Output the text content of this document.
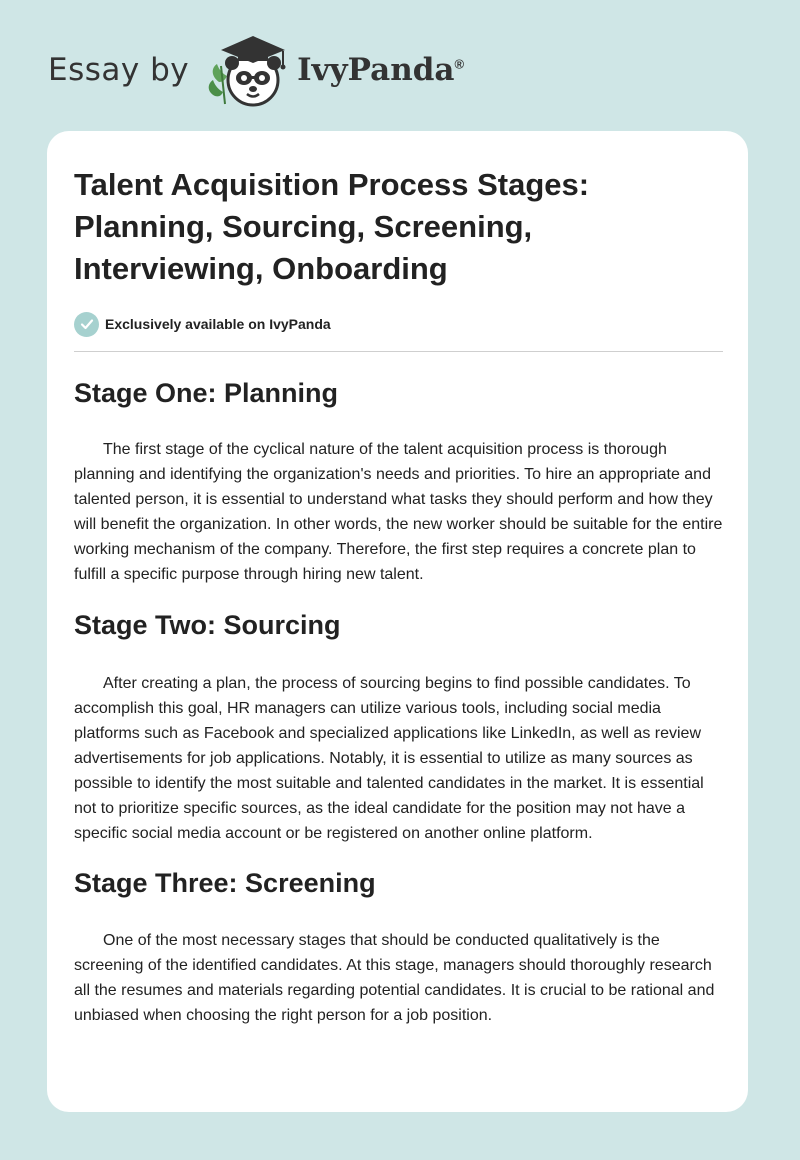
Essay by	IvyPanda®
Talent Acquisition Process Stages: Planning, Sourcing, Screening, Interviewing, Onboarding
Exclusively available on IvyPanda
Stage One: Planning

The first stage of the cyclical nature of the talent acquisition process is thorough planning and identifying the organization's needs and priorities. To hire an appropriate and talented person, it is essential to understand what tasks they should perform and how they will benefit the organization. In other words, the new worker should be suitable for the entire working mechanism of the company. Therefore, the first step requires a concrete plan to fulfill a specific purpose through hiring new talent.

Stage Two: Sourcing

After creating a plan, the process of sourcing begins to find possible candidates. To accomplish this goal, HR managers can utilize various tools, including social media platforms such as Facebook and specialized applications like LinkedIn, as well as review advertisements for job applications. Notably, it is essential to utilize as many sources as possible to identify the most suitable and talented candidates in the market. It is essential not to prioritize specific sources, as the ideal candidate for the position may not have a specific social media account or be registered on another online platform.

Stage Three: Screening

One of the most necessary stages that should be conducted qualitatively is the screening of the identified candidates. At this stage, managers should thoroughly research all the resumes and materials regarding potential candidates. It is crucial to be rational and unbiased when choosing the right person for a job position.
